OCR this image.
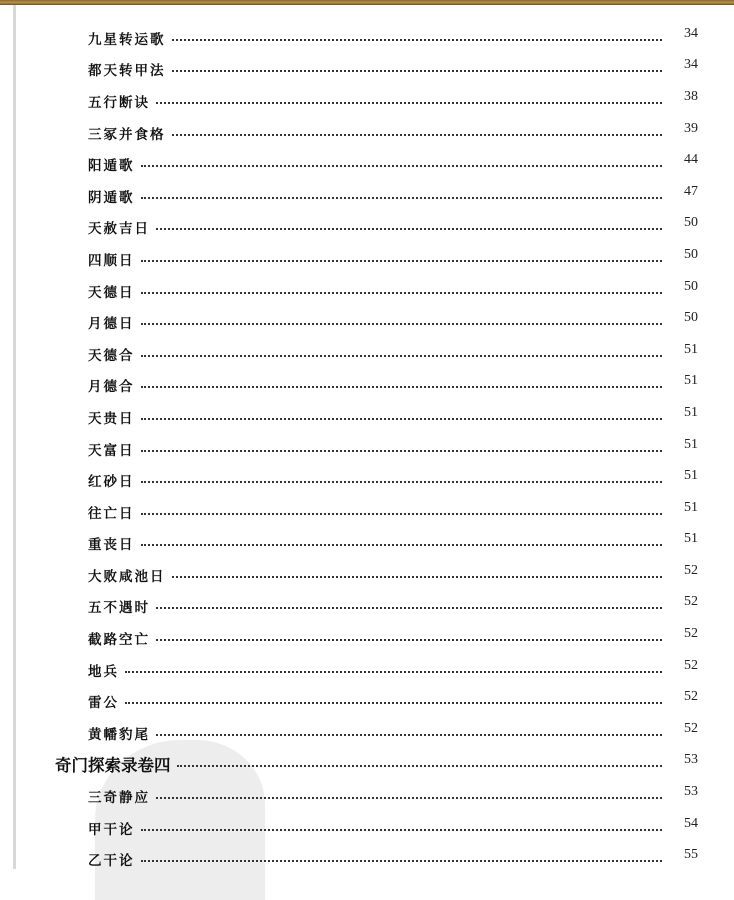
九星转运歌	34
都天转甲法	34
五行断诀	38
三冢并食格	39
阳遁歌	44
阴遁歌	47
天赦吉日	50
四顺日	50
天德日	50
月德日	50
天德合	51
月德合	51
天贵日	51
天富日	51
红砂日	51
往亡日	51
重丧日	51
大败咸池日	52
五不遇时	52
截路空亡	52
地兵	52
雷公	52
黄幡豹尾	52
奇门探索录卷四	53
三奇静应	53
甲干论	54
乙干论	55
